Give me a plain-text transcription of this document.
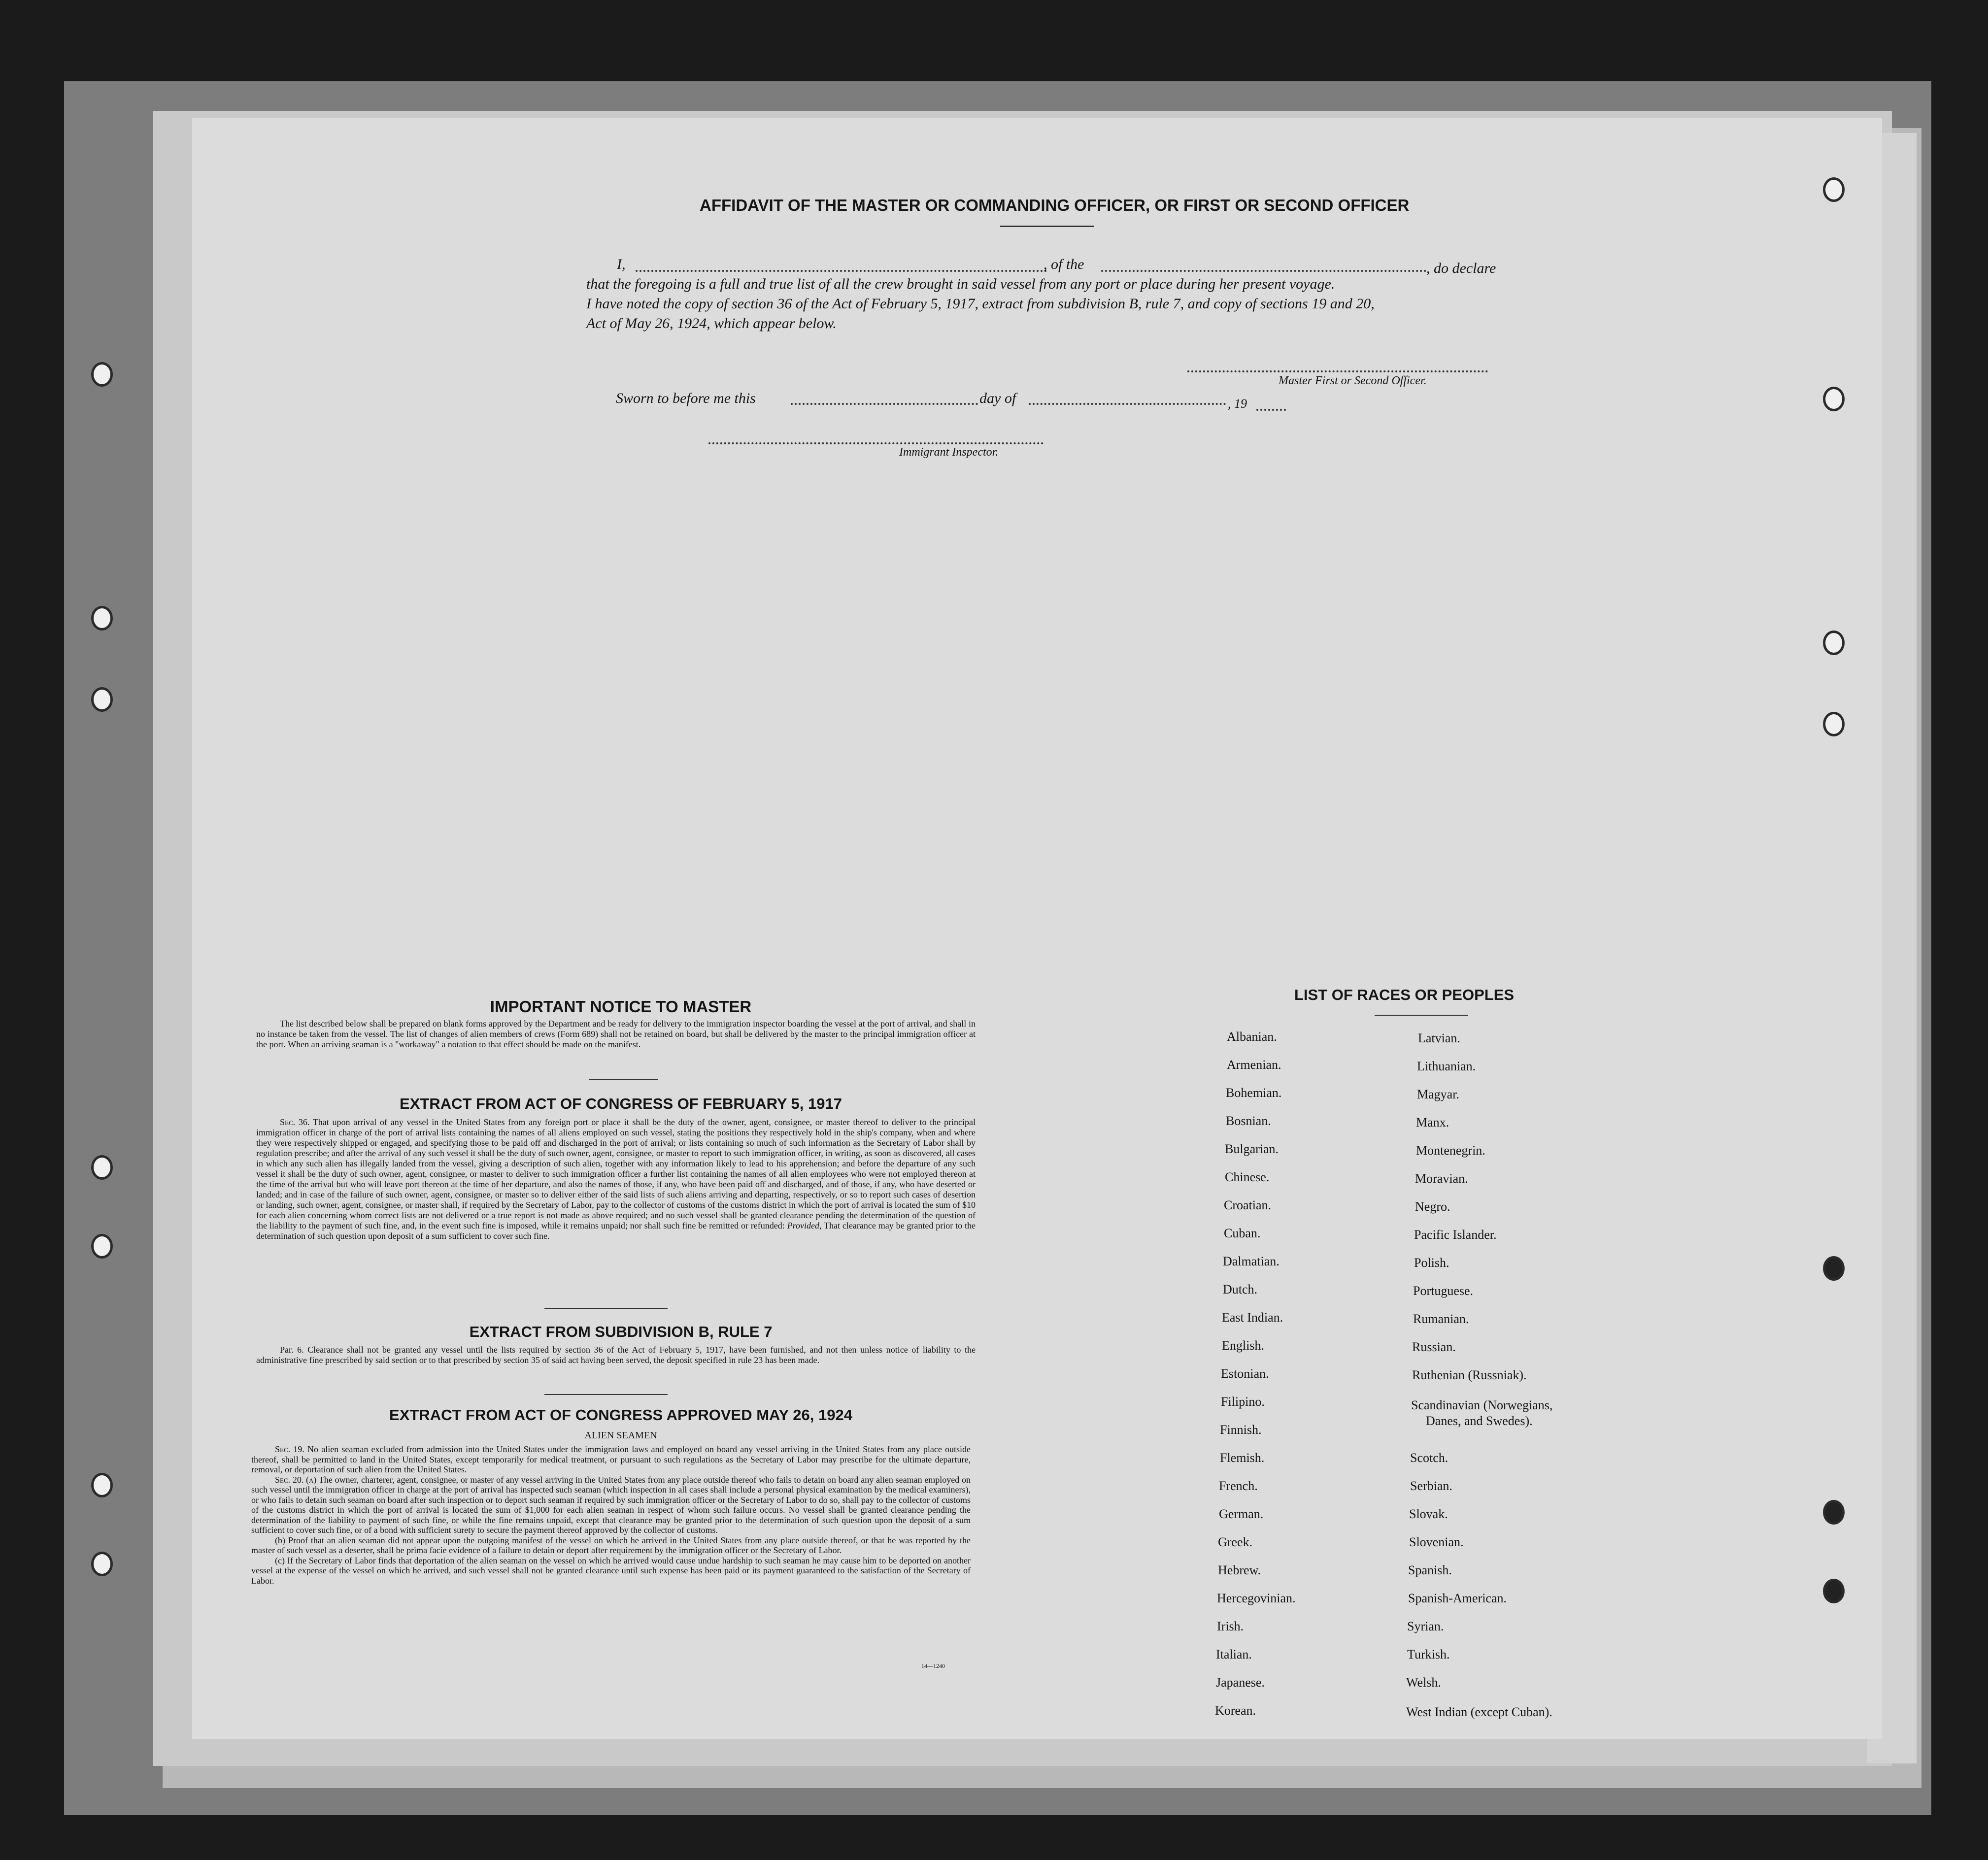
AFFIDAVIT OF THE MASTER OR COMMANDING OFFICER, OR FIRST OR SECOND OFFICER
I,	, of the	, do declare
that the foregoing is a full and true list of all the crew brought in said vessel from any port or place during her present voyage.
I have noted the copy of section 36 of the Act of February 5, 1917, extract from subdivision B, rule 7, and copy of sections 19 and 20,
Act of May 26, 1924, which appear below.
Master First or Second Officer.
Sworn to before me this	day of	, 19
Immigrant Inspector.
IMPORTANT NOTICE TO MASTER

The list described below shall be prepared on blank forms approved by the Department and be ready for delivery to the immigration inspector boarding the vessel at the port of arrival, and shall in no instance be taken from the vessel. The list of changes of alien members of crews (Form 689) shall not be retained on board, but shall be delivered by the master to the principal immigration officer at the port. When an arriving seaman is a "workaway" a notation to that effect should be made on the manifest.

EXTRACT FROM ACT OF CONGRESS OF FEBRUARY 5, 1917

Sec. 36. That upon arrival of any vessel in the United States from any foreign port or place it shall be the duty of the owner, agent, consignee, or master thereof to deliver to the principal immigration officer in charge of the port of arrival lists containing the names of all aliens employed on such vessel, stating the positions they respectively hold in the ship's company, when and where they were respectively shipped or engaged, and specifying those to be paid off and discharged in the port of arrival; or lists containing so much of such information as the Secretary of Labor shall by regulation prescribe; and after the arrival of any such vessel it shall be the duty of such owner, agent, consignee, or master to report to such immigration officer, in writing, as soon as discovered, all cases in which any such alien has illegally landed from the vessel, giving a description of such alien, together with any information likely to lead to his apprehension; and before the departure of any such vessel it shall be the duty of such owner, agent, consignee, or master to deliver to such immigration officer a further list containing the names of all alien employees who were not employed thereon at the time of the arrival but who will leave port thereon at the time of her departure, and also the names of those, if any, who have been paid off and discharged, and of those, if any, who have deserted or landed; and in case of the failure of such owner, agent, consignee, or master so to deliver either of the said lists of such aliens arriving and departing, respectively, or so to report such cases of desertion or landing, such owner, agent, consignee, or master shall, if required by the Secretary of Labor, pay to the collector of customs of the customs district in which the port of arrival is located the sum of $10 for each alien concerning whom correct lists are not delivered or a true report is not made as above required; and no such vessel shall be granted clearance pending the determination of the question of the liability to the payment of such fine, and, in the event such fine is imposed, while it remains unpaid; nor shall such fine be remitted or refunded: Provided, That clearance may be granted prior to the determination of such question upon deposit of a sum sufficient to cover such fine.

EXTRACT FROM SUBDIVISION B, RULE 7

Par. 6. Clearance shall not be granted any vessel until the lists required by section 36 of the Act of February 5, 1917, have been furnished, and not then unless notice of liability to the administrative fine prescribed by said section or to that prescribed by section 35 of said act having been served, the deposit specified in rule 23 has been made.

EXTRACT FROM ACT OF CONGRESS APPROVED MAY 26, 1924
ALIEN SEAMEN

Sec. 19. No alien seaman excluded from admission into the United States under the immigration laws and employed on board any vessel arriving in the United States from any place outside thereof, shall be permitted to land in the United States, except temporarily for medical treatment, or pursuant to such regulations as the Secretary of Labor may prescribe for the ultimate departure, removal, or deportation of such alien from the United States.

Sec. 20. (a) The owner, charterer, agent, consignee, or master of any vessel arriving in the United States from any place outside thereof who fails to detain on board any alien seaman employed on such vessel until the immigration officer in charge at the port of arrival has inspected such seaman (which inspection in all cases shall include a personal physical examination by the medical examiners), or who fails to detain such seaman on board after such inspection or to deport such seaman if required by such immigration officer or the Secretary of Labor to do so, shall pay to the collector of customs of the customs district in which the port of arrival is located the sum of $1,000 for each alien seaman in respect of whom such failure occurs. No vessel shall be granted clearance pending the determination of the liability to payment of such fine, or while the fine remains unpaid, except that clearance may be granted prior to the determination of such question upon the deposit of a sum sufficient to cover such fine, or of a bond with sufficient surety to secure the payment thereof approved by the collector of customs.

(b) Proof that an alien seaman did not appear upon the outgoing manifest of the vessel on which he arrived in the United States from any place outside thereof, or that he was reported by the master of such vessel as a deserter, shall be prima facie evidence of a failure to detain or deport after requirement by the immigration officer or the Secretary of Labor.

(c) If the Secretary of Labor finds that deportation of the alien seaman on the vessel on which he arrived would cause undue hardship to such seaman he may cause him to be deported on another vessel at the expense of the vessel on which he arrived, and such vessel shall not be granted clearance until such expense has been paid or its payment guaranteed to the satisfaction of the Secretary of Labor.

14—1240
LIST OF RACES OR PEOPLES
Albanian.
Armenian.
Bohemian.
Bosnian.
Bulgarian.
Chinese.
Croatian.
Cuban.
Dalmatian.
Dutch.
East Indian.
English.
Estonian.
Filipino.
Finnish.
Flemish.
French.
German.
Greek.
Hebrew.
Hercegovinian.
Irish.
Italian.
Japanese.
Korean.
Latvian.
Lithuanian.
Magyar.
Manx.
Montenegrin.
Moravian.
Negro.
Pacific Islander.
Polish.
Portuguese.
Rumanian.
Russian.
Ruthenian (Russniak).
Scandinavian (Norwegians,
Danes, and Swedes).
Scotch.
Serbian.
Slovak.
Slovenian.
Spanish.
Spanish-American.
Syrian.
Turkish.
Welsh.
West Indian (except Cuban).
